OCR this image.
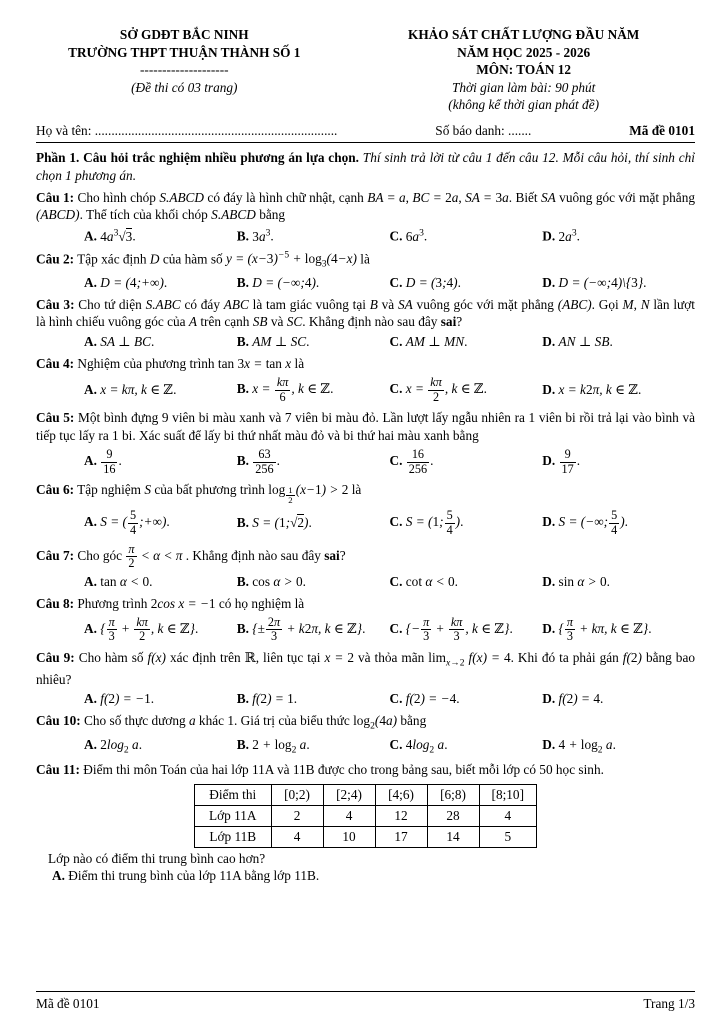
SỞ GDĐT BẮC NINH
TRƯỜNG THPT THUẬN THÀNH SỐ 1
--------------------
(Đề thi có 03 trang)
KHẢO SÁT CHẤT LƯỢNG ĐẦU NĂM
NĂM HỌC 2025 - 2026
MÔN: TOÁN 12
Thời gian làm bài: 90 phút
(không kể thời gian phát đề)
Họ và tên: .........................................................................	Số báo danh: .......	Mã đề 0101

Phần 1. Câu hỏi trắc nghiệm nhiều phương án lựa chọn. Thí sinh trả lời từ câu 1 đến câu 12. Mỗi câu hỏi, thí sinh chỉ chọn 1 phương án.

Câu 1: Cho hình chóp S.ABCD có đáy là hình chữ nhật, cạnh BA = a, BC = 2a, SA = 3a. Biết SA vuông góc với mặt phẳng (ABCD). Thể tích của khối chóp S.ABCD bằng

A. $4a^3√3$.	B. $3a^3$.	C. $6a^3$.	D. $2a^3$.

Câu 2: Tập xác định D của hàm số $y = (x-3)^{-5} + \log_3(4-x)$ là

A. D = (4;+∞).	B. D = (−∞;4).	C. D = (3;4).	D. D = (−∞;4)\{3}.

Câu 3: Cho tứ diện S.ABC có đáy ABC là tam giác vuông tại B và SA vuông góc với mặt phẳng (ABC). Gọi M, N lần lượt là hình chiếu vuông góc của A trên cạnh SB và SC. Khẳng định nào sau đây sai?

A. SA ⊥ BC.	B. AM ⊥ SC.	C. AM ⊥ MN.	D. AN ⊥ SB.

Câu 4: Nghiệm của phương trình tan 3x = tan x là

A. x = kπ, k ∈ ℤ.	B. $x = \frac{k\pi}{6}$ , k ∈ ℤ.	C. $x = \frac{k\pi}{2}$ , k ∈ ℤ.	D. x = k2π, k ∈ ℤ.

Câu 5: Một bình đựng 9 viên bi màu xanh và 7 viên bi màu đỏ. Lần lượt lấy ngẫu nhiên ra 1 viên bi rồi trả lại vào bình và tiếp tục lấy ra 1 bi. Xác suất để lấy bi thứ nhất màu đỏ và bi thứ hai màu xanh bằng

A. $\frac{9}{16}$ .	B. $\frac{63}{256}$ .	C. $\frac{16}{256}$ .	D. $\frac{9}{17}$ .

Câu 6: Tập nghiệm S của bất phương trình log $_{\frac{1}{2}}$ (x−1) > 2 là

A. S = ( $\frac{5}{4}$ ;+∞).	B. S = (1;√2).	C. S = (1; $\frac{5}{4}$ ).	D. S = (−∞; $\frac{5}{4}$ ).

Câu 7: Cho góc $\frac{\pi}{2} < \alpha < \pi$ . Khẳng định nào sau đây sai?

A. tan α < 0.	B. cos α > 0.	C. cot α < 0.	D. sin α > 0.

Câu 8: Phương trình 2cos x = −1 có họ nghiệm là

A. { $\frac{\pi}{3} + \frac{k\pi}{2}$ , k ∈ ℤ}.	B. {± $\frac{2\pi}{3} + k2\pi$, k ∈ ℤ}.	C. {− $\frac{\pi}{3} + \frac{k\pi}{3}$ , k ∈ ℤ}.	D. { $\frac{\pi}{3} + k\pi$, k ∈ ℤ}.

Câu 9: Cho hàm số f(x) xác định trên ℝ, liên tục tại x = 2 và thỏa mãn $\lim_{x\to 2} f(x) = 4$. Khi đó ta phải gán f(2) bằng bao nhiêu?

A. f(2) = −1.	B. f(2) = 1.	C. f(2) = −4.	D. f(2) = 4.

Câu 10: Cho số thực dương a khác 1. Giá trị của biểu thức $\log_2(4a)$ bằng

A. $2\log_2$ a.	B. $2 + \log_2 a$.	C. $4\log_2$ a.	D. $4 + \log_2 a$.

Câu 11: Điểm thi môn Toán của hai lớp 11A và 11B được cho trong bảng sau, biết mỗi lớp có 50 học sinh.

Điểm thi	[0;2)	[2;4)	[4;6)	[6;8)	[8;10]
Lớp 11A	2	4	12	28	4
Lớp 11B	4	10	17	14	5

Lớp nào có điểm thi trung bình cao hơn?

A. Điểm thi trung bình của lớp 11A bằng lớp 11B.

Mã đề 0101	Trang 1/3
